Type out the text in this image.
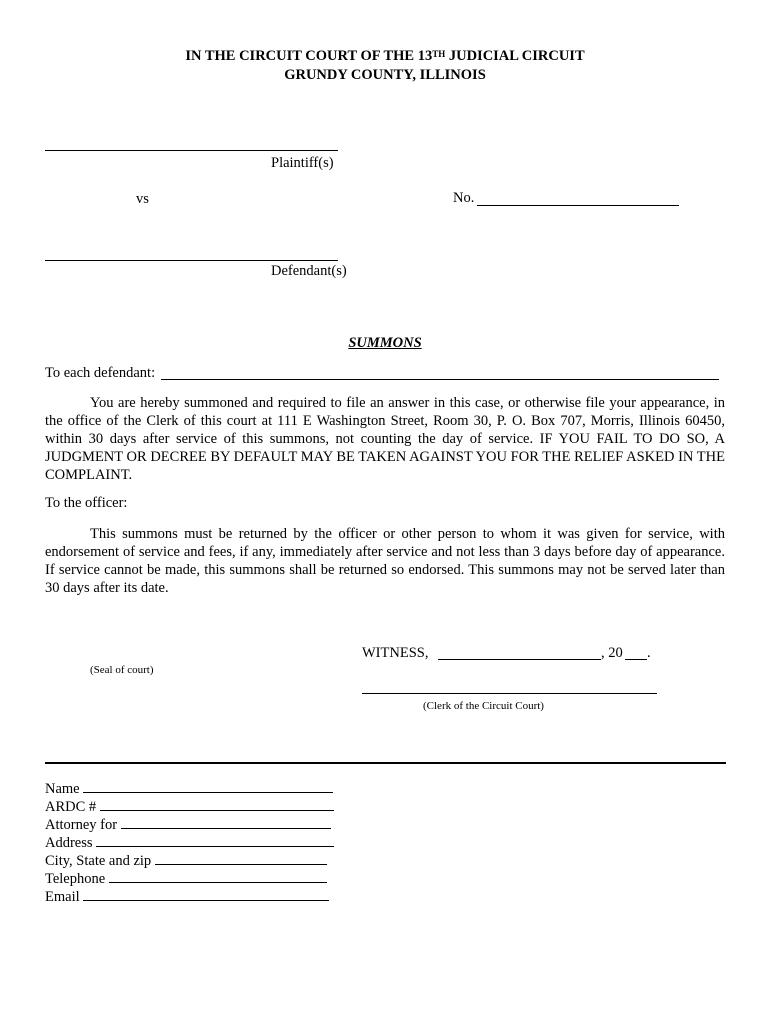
IN THE CIRCUIT COURT OF THE 13TH JUDICIAL CIRCUIT
GRUNDY COUNTY, ILLINOIS
Plaintiff(s)
vs	No.
Defendant(s)
SUMMONS
To each defendant:
You are hereby summoned and required to file an answer in this case, or otherwise file your appearance, in the office of the Clerk of this court at 111 E Washington Street, Room 30, P. O. Box 707, Morris, Illinois 60450, within 30 days after service of this summons, not counting the day of service. IF YOU FAIL TO DO SO, A JUDGMENT OR DECREE BY DEFAULT MAY BE TAKEN AGAINST YOU FOR THE RELIEF ASKED IN THE COMPLAINT.
To the officer:
This summons must be returned by the officer or other person to whom it was given for service, with endorsement of service and fees, if any, immediately after service and not less than 3 days before day of appearance. If service cannot be made, this summons shall be returned so endorsed. This summons may not be served later than 30 days after its date.
WITNESS,	, 20 .
(Seal of court)
(Clerk of the Circuit Court)
Name
ARDC #
Attorney for
Address
City, State and zip
Telephone
Email
